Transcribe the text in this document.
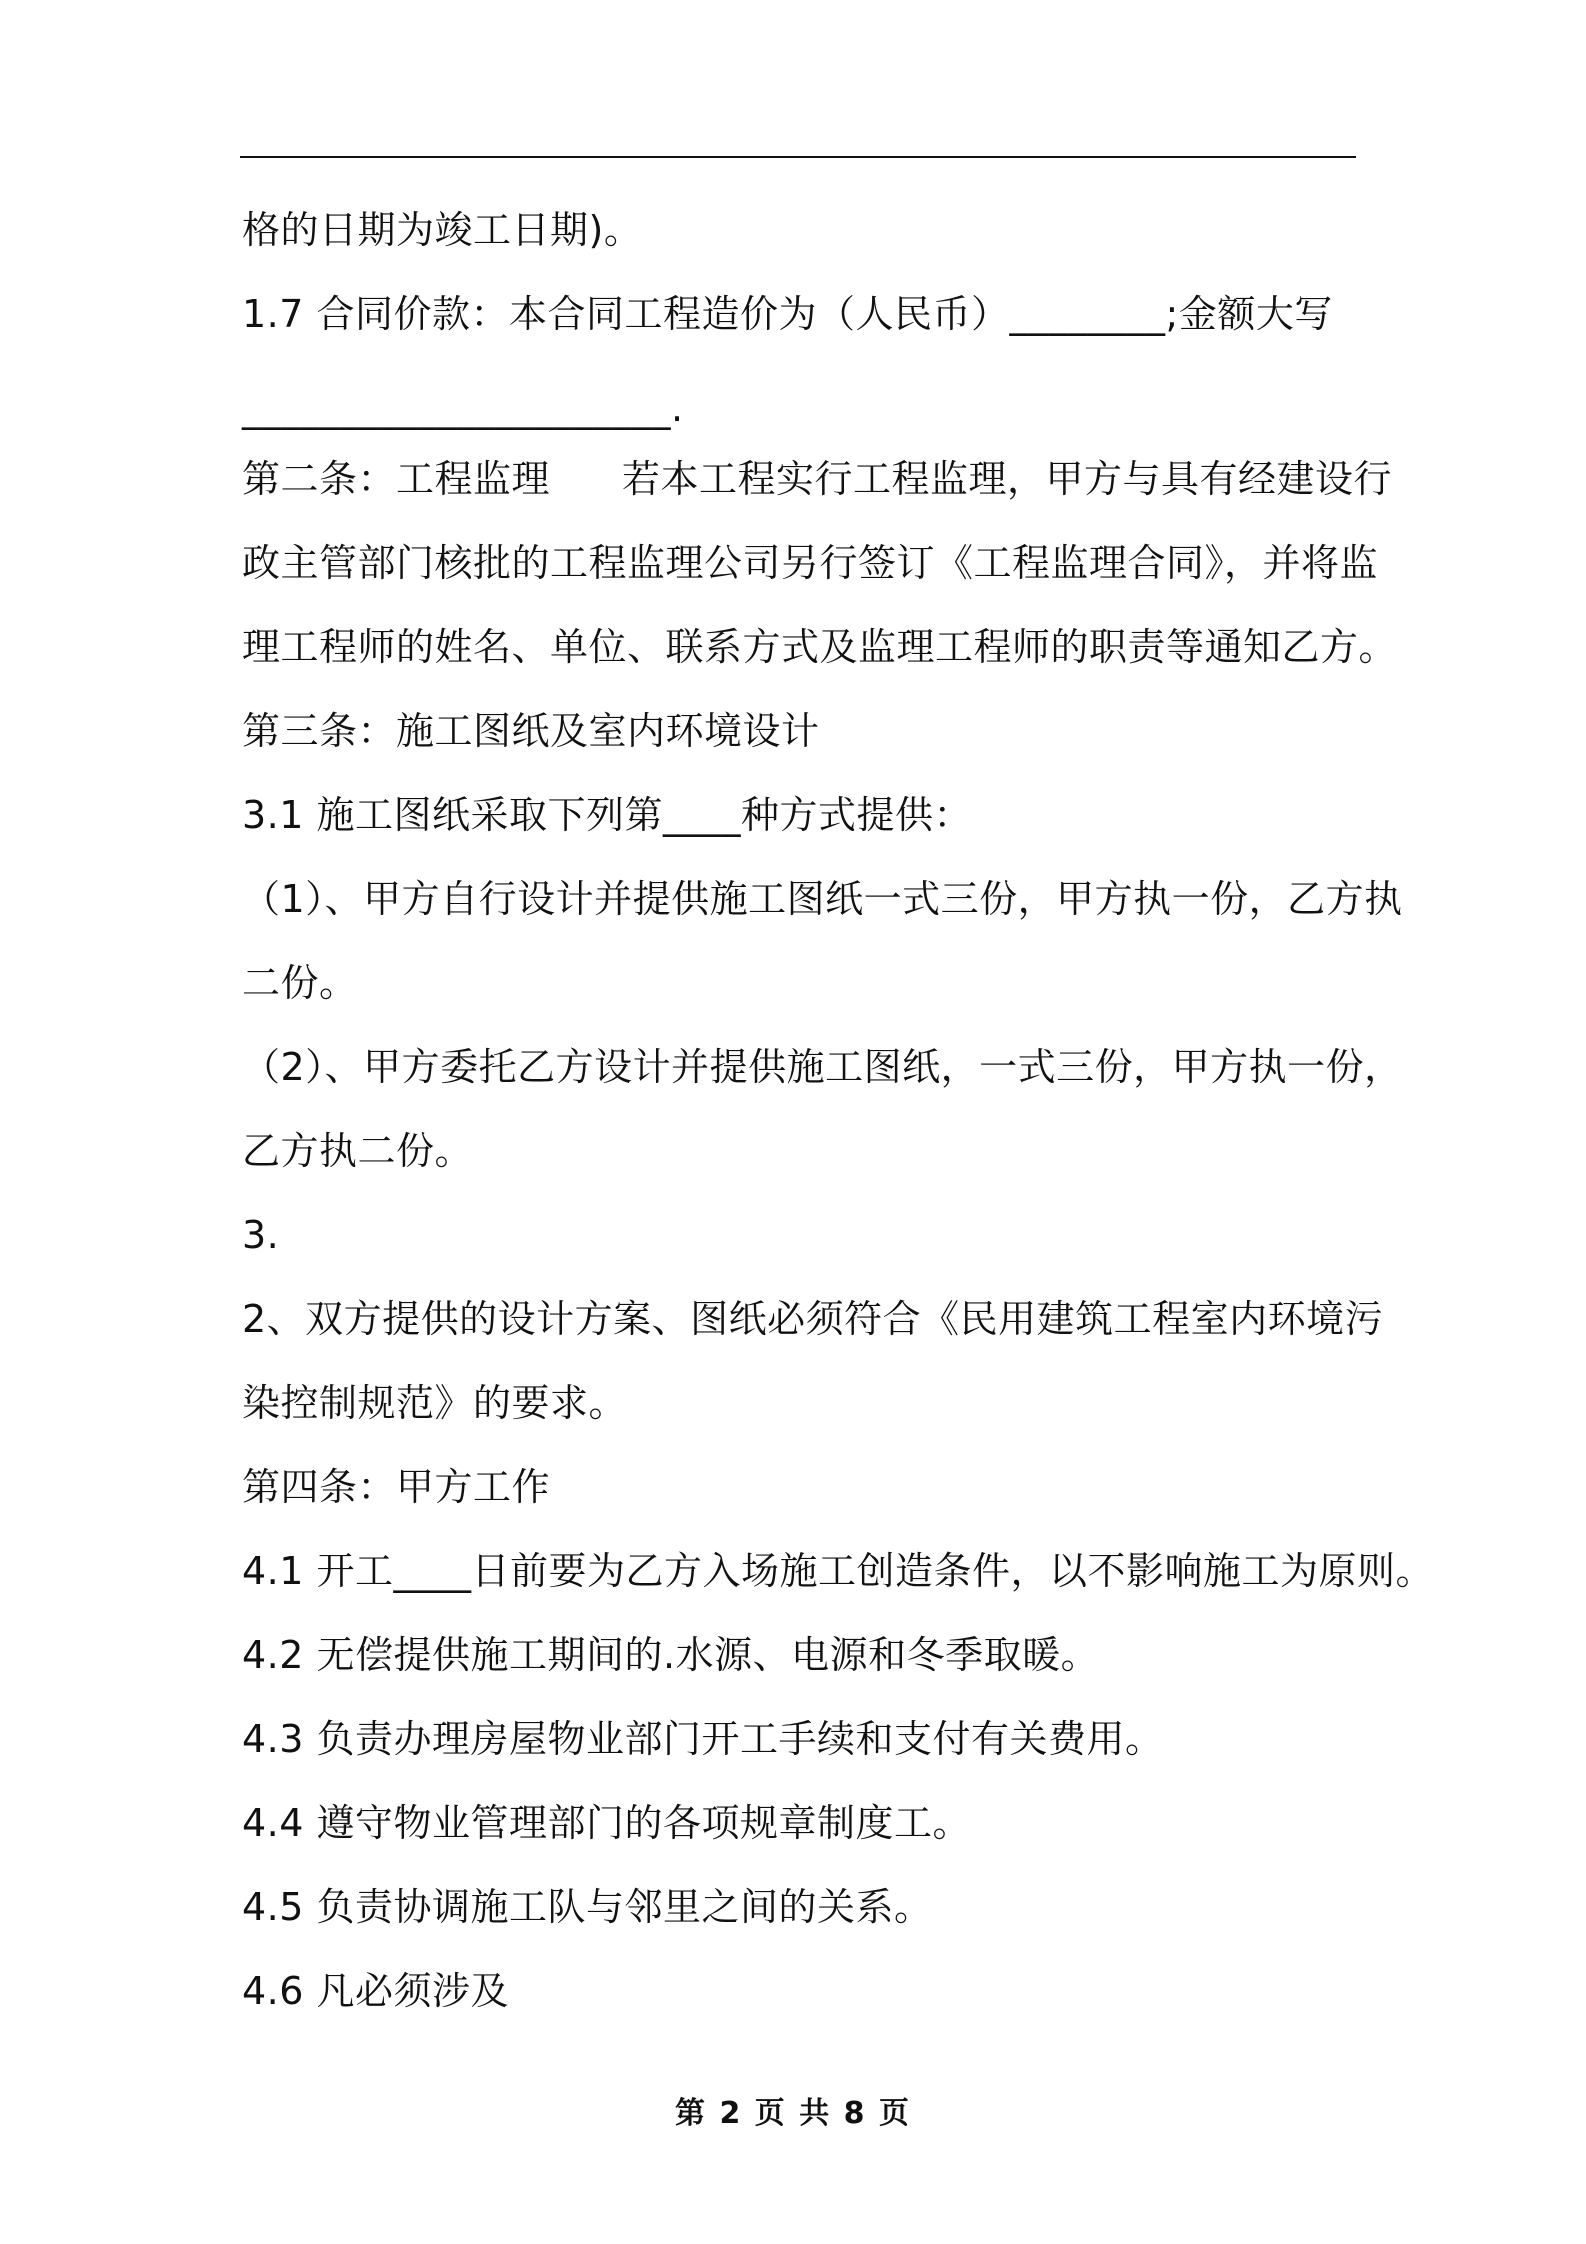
格的日期为竣工日期)。
1.7 合同价款：本合同工程造价为（人民币）________;金额大写
______________________.
第二条：工程监理 若本工程实行工程监理，甲方与具有经建设行
政主管部门核批的工程监理公司另行签订《工程监理合同》，并将监
理工程师的姓名、单位、联系方式及监理工程师的职责等通知乙方。
第三条：施工图纸及室内环境设计
3.1 施工图纸采取下列第____种方式提供：
（1）、甲方自行设计并提供施工图纸一式三份，甲方执一份，乙方执
二份。
（2）、甲方委托乙方设计并提供施工图纸，一式三份，甲方执一份，
乙方执二份。
3.
2、双方提供的设计方案、图纸必须符合《民用建筑工程室内环境污
染控制规范》的要求。
第四条：甲方工作
4.1 开工____日前要为乙方入场施工创造条件，以不影响施工为原则。
4.2 无偿提供施工期间的.水源、电源和冬季取暖。
4.3 负责办理房屋物业部门开工手续和支付有关费用。
4.4 遵守物业管理部门的各项规章制度工。
4.5 负责协调施工队与邻里之间的关系。
4.6 凡必须涉及
第 2 页 共 8 页
